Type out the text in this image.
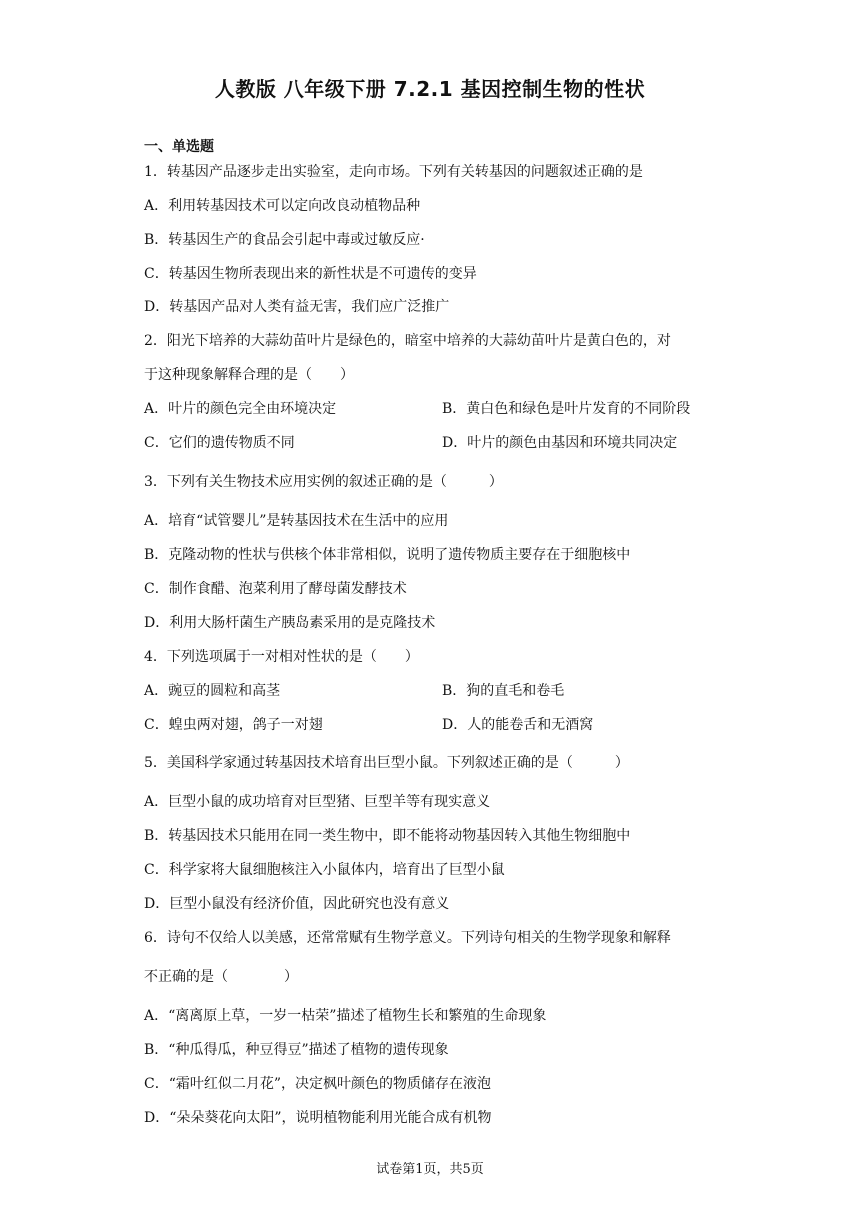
人教版 八年级下册 7.2.1 基因控制生物的性状
一、单选题
1．转基因产品逐步走出实验室，走向市场。下列有关转基因的问题叙述正确的是
A．利用转基因技术可以定向改良动植物品种
B．转基因生产的食品会引起中毒或过敏反应·
C．转基因生物所表现出来的新性状是不可遗传的变异
D．转基因产品对人类有益无害，我们应广泛推广
2．阳光下培养的大蒜幼苗叶片是绿色的，暗室中培养的大蒜幼苗叶片是黄白色的，对
于这种现象解释合理的是（　　）
A．叶片的颜色完全由环境决定	B．黄白色和绿色是叶片发育的不同阶段
C．它们的遗传物质不同	D．叶片的颜色由基因和环境共同决定
3．下列有关生物技术应用实例的叙述正确的是（　　　）
A．培育“试管婴儿”是转基因技术在生活中的应用
B．克隆动物的性状与供核个体非常相似，说明了遗传物质主要存在于细胞核中
C．制作食醋、泡菜利用了酵母菌发酵技术
D．利用大肠杆菌生产胰岛素采用的是克隆技术
4．下列选项属于一对相对性状的是（　　）
A．豌豆的圆粒和高茎	B．狗的直毛和卷毛
C．蝗虫两对翅，鸽子一对翅	D．人的能卷舌和无酒窝
5．美国科学家通过转基因技术培育出巨型小鼠。下列叙述正确的是（　　　）
A．巨型小鼠的成功培育对巨型猪、巨型羊等有现实意义
B．转基因技术只能用在同一类生物中，即不能将动物基因转入其他生物细胞中
C．科学家将大鼠细胞核注入小鼠体内，培育出了巨型小鼠
D．巨型小鼠没有经济价值，因此研究也没有意义
6．诗句不仅给人以美感，还常常赋有生物学意义。下列诗句相关的生物学现象和解释
不正确的是（　　　　）
A．“离离原上草，一岁一枯荣”描述了植物生长和繁殖的生命现象
B．“种瓜得瓜，种豆得豆”描述了植物的遗传现象
C．“霜叶红似二月花”，决定枫叶颜色的物质储存在液泡
D．“朵朵葵花向太阳”，说明植物能利用光能合成有机物
试卷第1页，共5页
